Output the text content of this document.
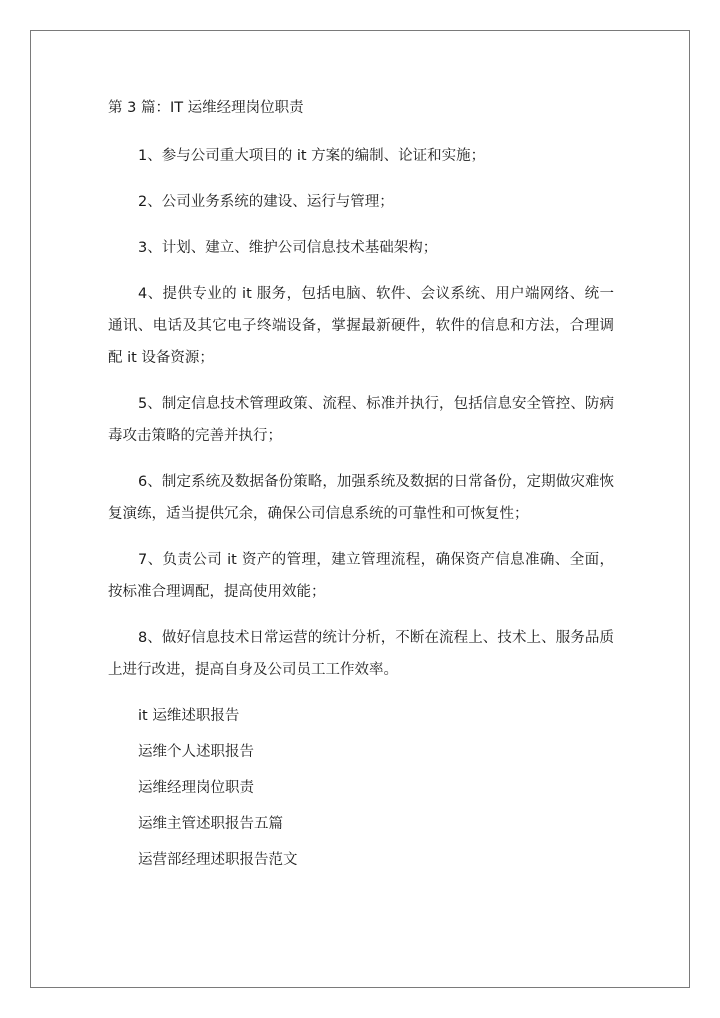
第 3 篇：IT 运维经理岗位职责

1、参与公司重大项目的 it 方案的编制、论证和实施；

2、公司业务系统的建设、运行与管理；

3、计划、建立、维护公司信息技术基础架构；

4、提供专业的 it 服务，包括电脑、软件、会议系统、用户端网络、统一通讯、电话及其它电子终端设备，掌握最新硬件，软件的信息和方法，合理调配 it 设备资源；

5、制定信息技术管理政策、流程、标准并执行，包括信息安全管控、防病毒攻击策略的完善并执行；

6、制定系统及数据备份策略，加强系统及数据的日常备份，定期做灾难恢复演练，适当提供冗余，确保公司信息系统的可靠性和可恢复性；

7、负责公司 it 资产的管理，建立管理流程，确保资产信息准确、全面，按标准合理调配，提高使用效能；

8、做好信息技术日常运营的统计分析，不断在流程上、技术上、服务品质上进行改进，提高自身及公司员工工作效率。

it 运维述职报告

运维个人述职报告

运维经理岗位职责

运维主管述职报告五篇

运营部经理述职报告范文
